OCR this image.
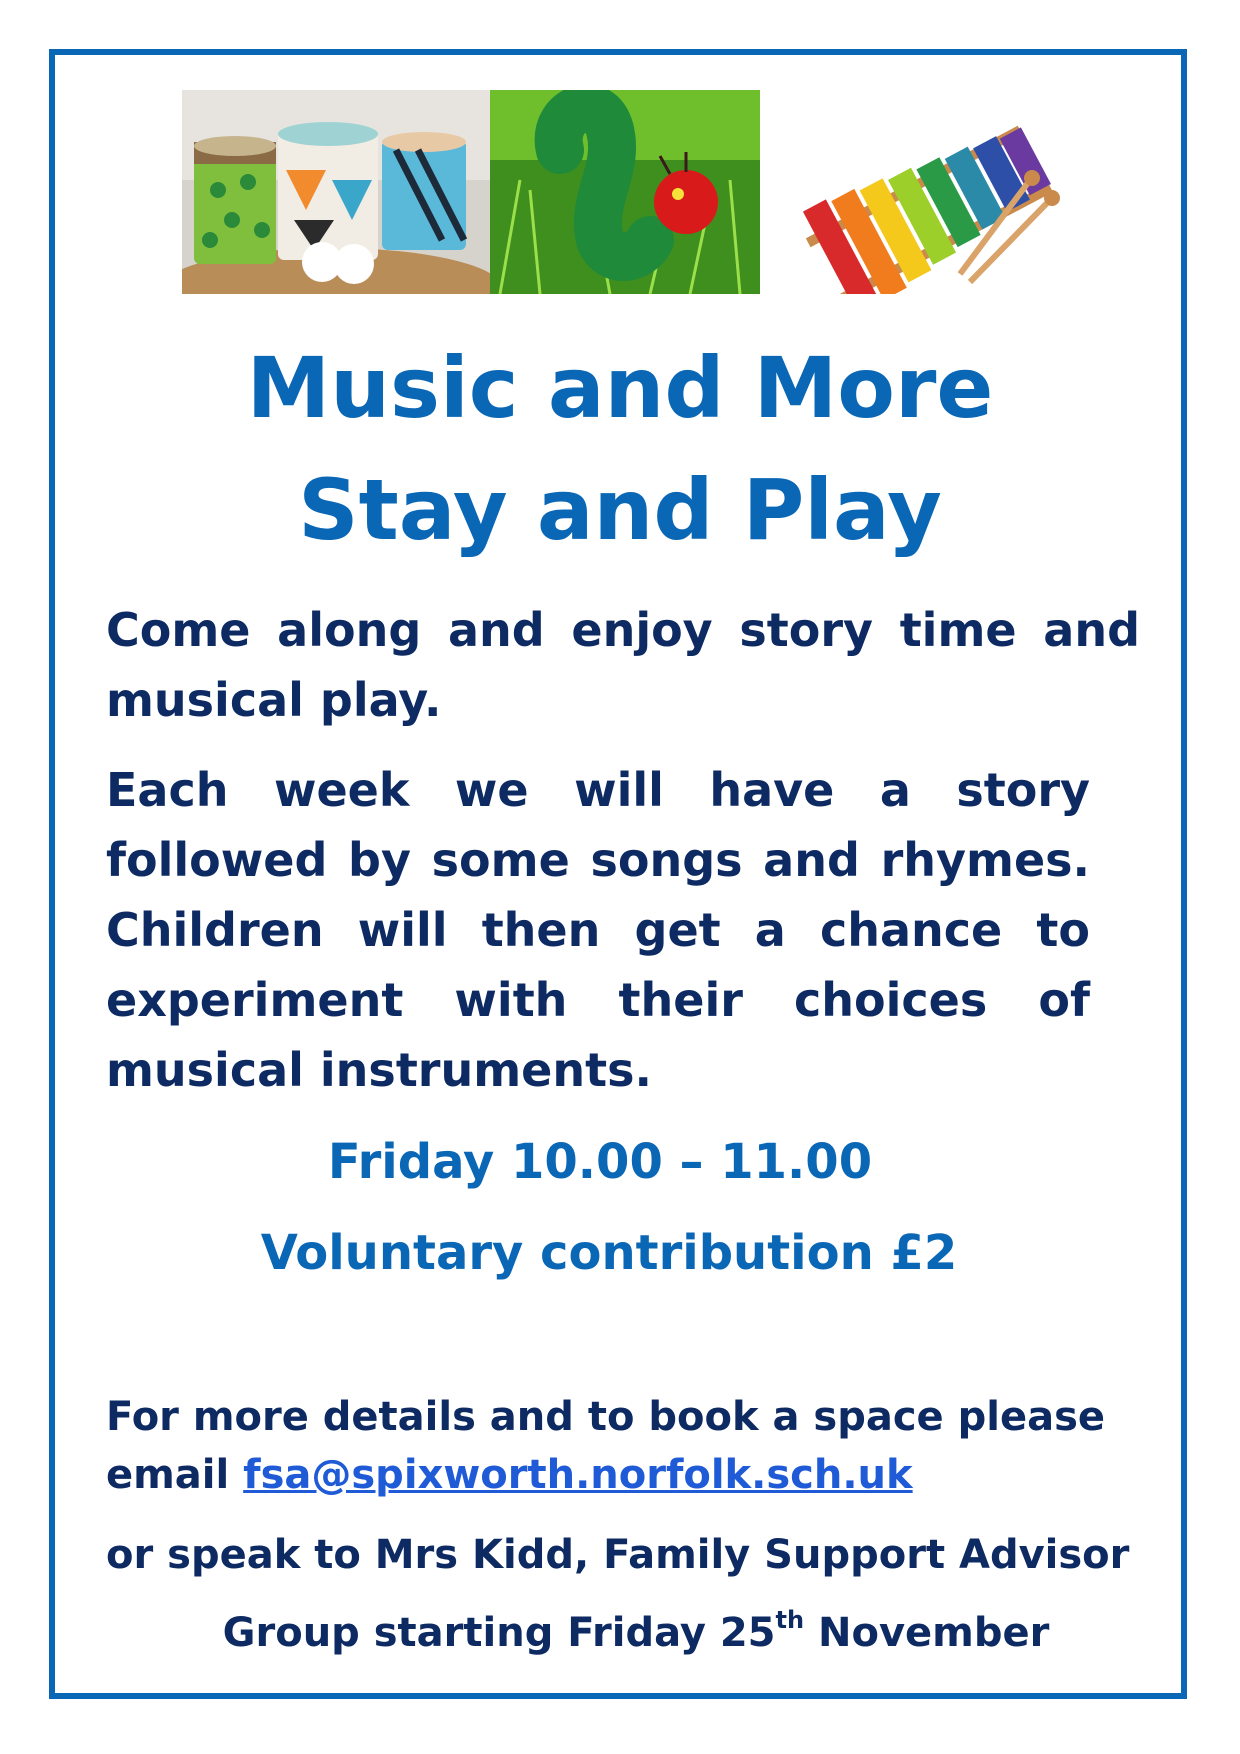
Music and More
Stay and Play

Come along and enjoy story time and musical play.

Each week we will have a story followed by some songs and rhymes. Children will then get a chance to experiment with their choices of musical instruments.

Friday 10.00 – 11.00

Voluntary contribution £2

For more details and to book a space please

email fsa@spixworth.norfolk.sch.uk

or speak to Mrs Kidd, Family Support Advisor

Group starting Friday 25th November
